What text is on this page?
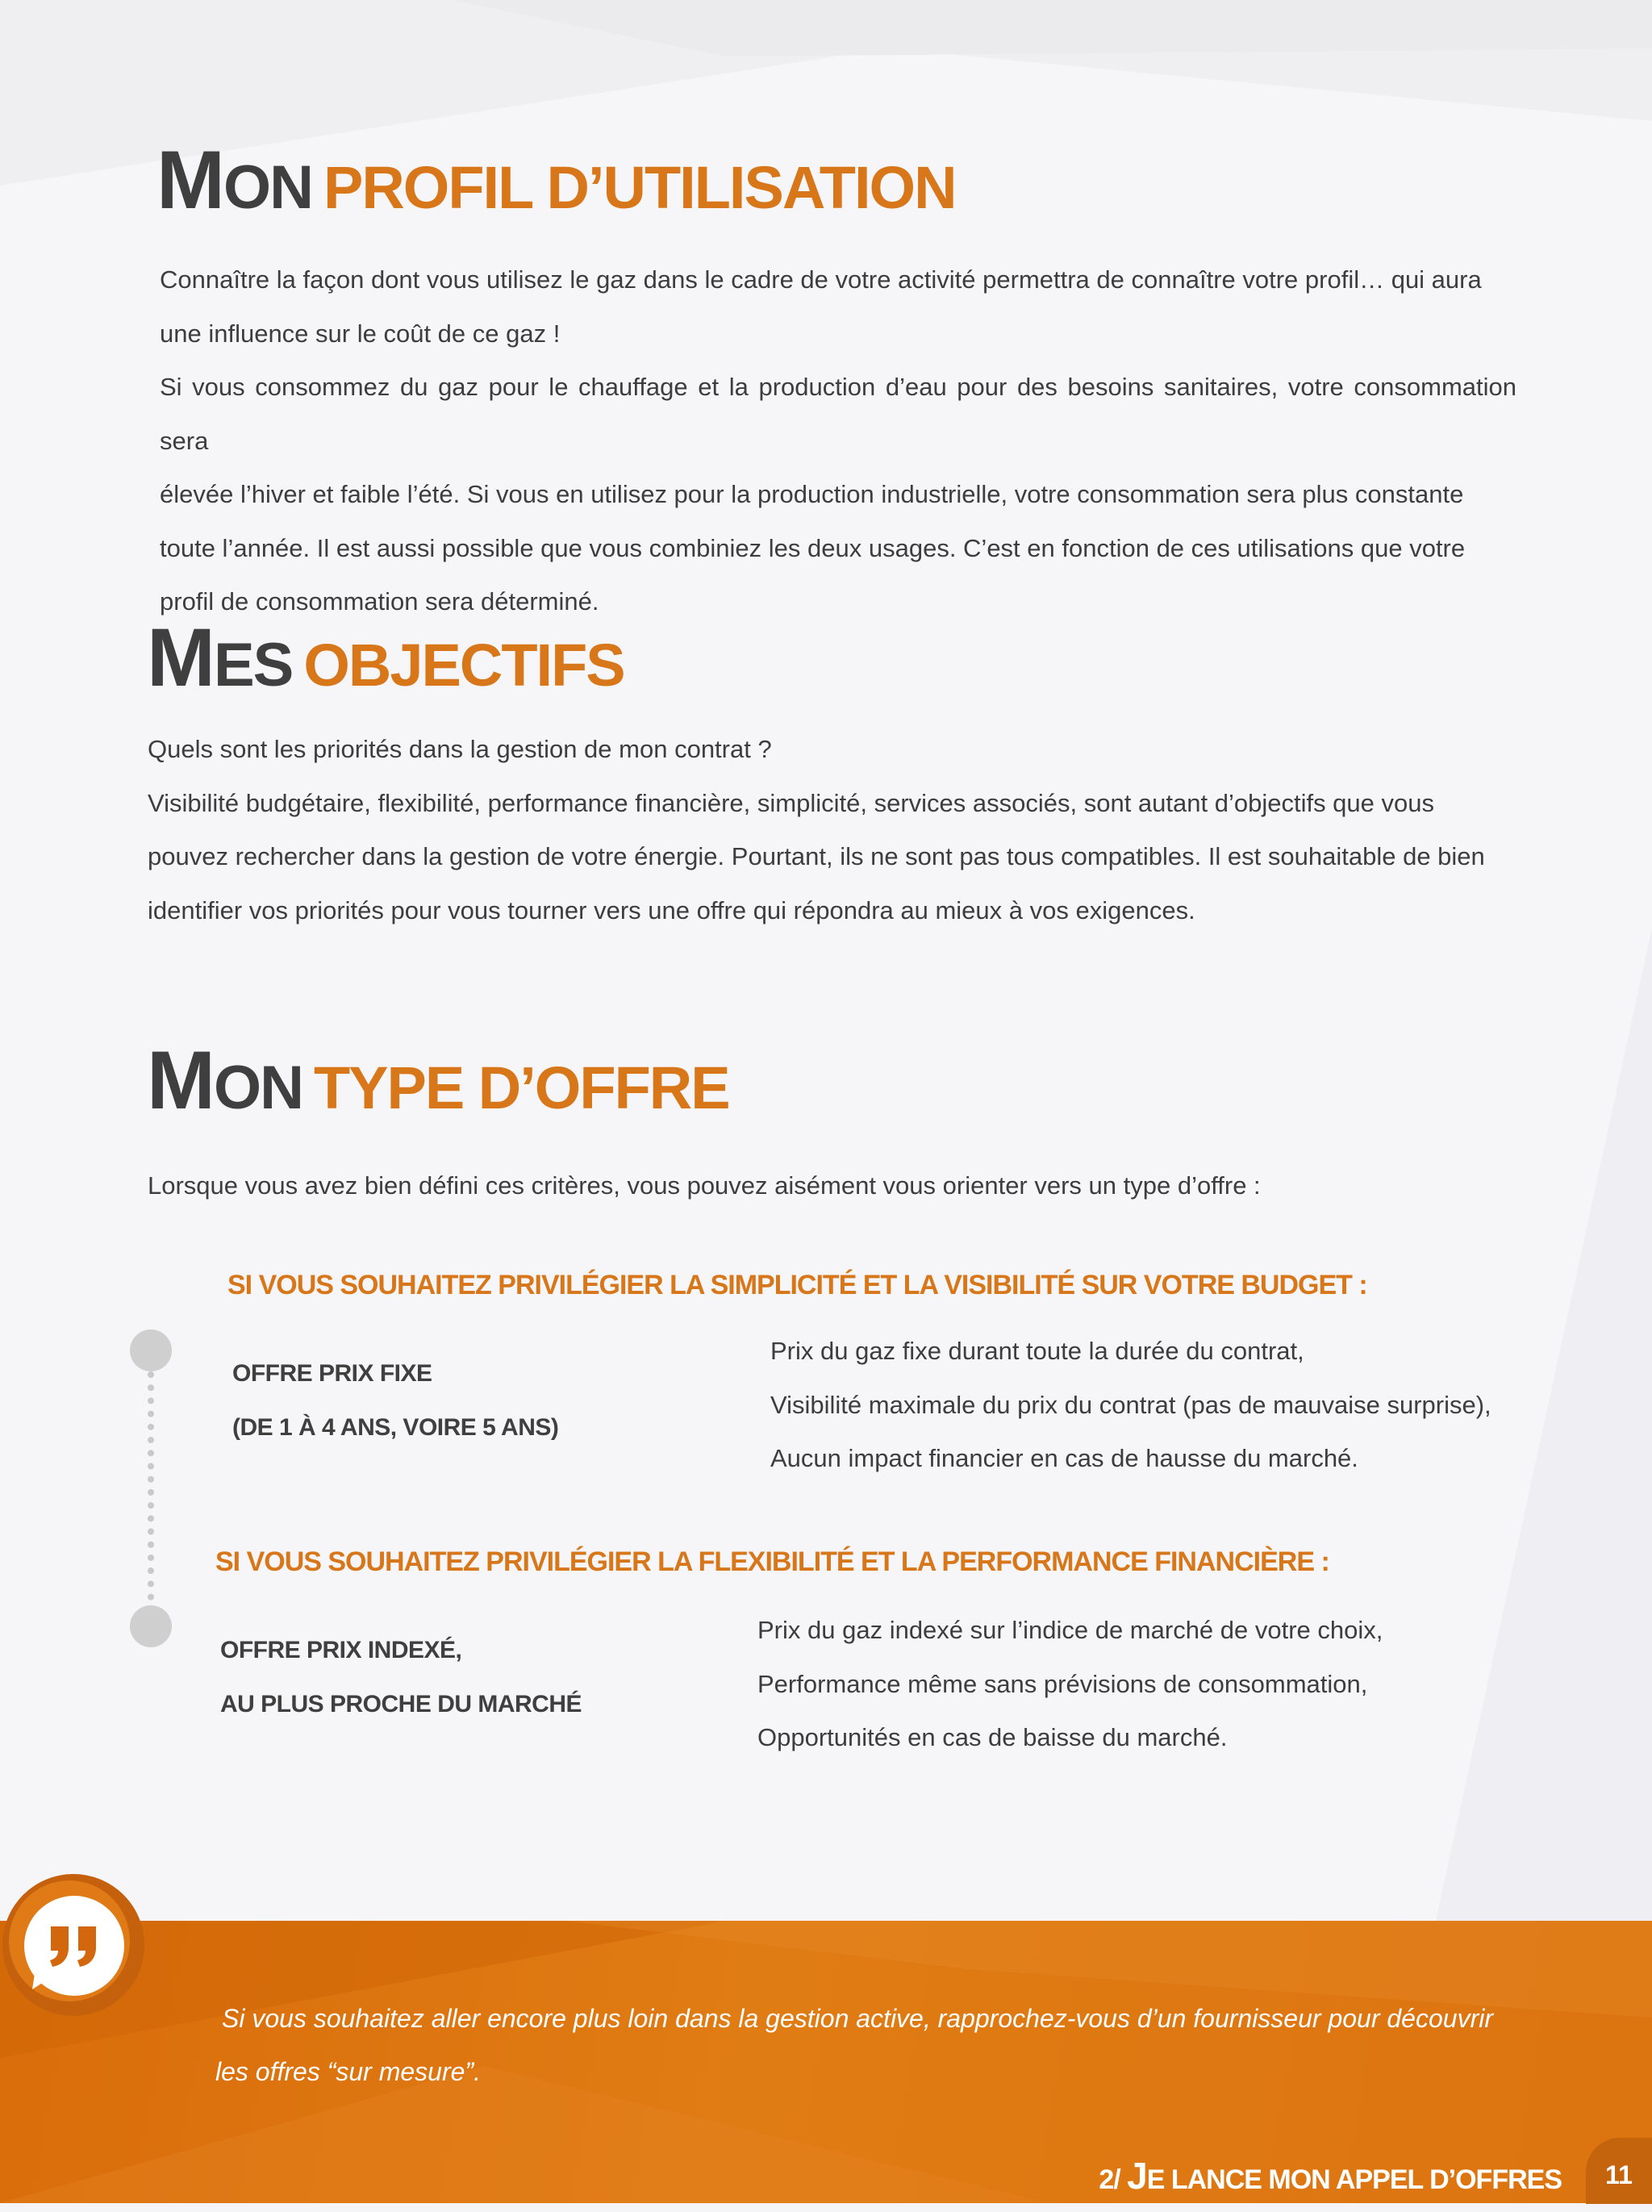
MON PROFIL D’UTILISATION

Connaître la façon dont vous utilisez le gaz dans le cadre de votre activité permettra de connaître votre profil… qui aura
une influence sur le coût de ce gaz !
Si vous consommez du gaz pour le chauffage et la production d’eau pour des besoins sanitaires, votre consommation sera
élevée l’hiver et faible l’été. Si vous en utilisez pour la production industrielle, votre consommation sera plus constante
toute l’année. Il est aussi possible que vous combiniez les deux usages. C’est en fonction de ces utilisations que votre
profil de consommation sera déterminé.

MES OBJECTIFS

Quels sont les priorités dans la gestion de mon contrat ?
Visibilité budgétaire, flexibilité, performance financière, simplicité, services associés, sont autant d’objectifs que vous
pouvez rechercher dans la gestion de votre énergie. Pourtant, ils ne sont pas tous compatibles. Il est souhaitable de bien
identifier vos priorités pour vous tourner vers une offre qui répondra au mieux à vos exigences.

MON TYPE D’OFFRE

Lorsque vous avez bien défini ces critères, vous pouvez aisément vous orienter vers un type d’offre :

SI VOUS SOUHAITEZ PRIVILÉGIER LA SIMPLICITÉ ET LA VISIBILITÉ SUR VOTRE BUDGET :

OFFRE PRIX FIXE
(DE 1 À 4 ANS, VOIRE 5 ANS)

Prix du gaz fixe durant toute la durée du contrat,
Visibilité maximale du prix du contrat (pas de mauvaise surprise),
Aucun impact financier en cas de hausse du marché.

SI VOUS SOUHAITEZ PRIVILÉGIER LA FLEXIBILITÉ ET LA PERFORMANCE FINANCIÈRE :

OFFRE PRIX INDEXÉ,
AU PLUS PROCHE DU MARCHÉ

Prix du gaz indexé sur l’indice de marché de votre choix,
Performance même sans prévisions de consommation,
Opportunités en cas de baisse du marché.

Si vous souhaitez aller encore plus loin dans la gestion active, rapprochez-vous d’un fournisseur pour découvrir
les offres “sur mesure”.

2/ JE LANCE MON APPEL D’OFFRES	11
